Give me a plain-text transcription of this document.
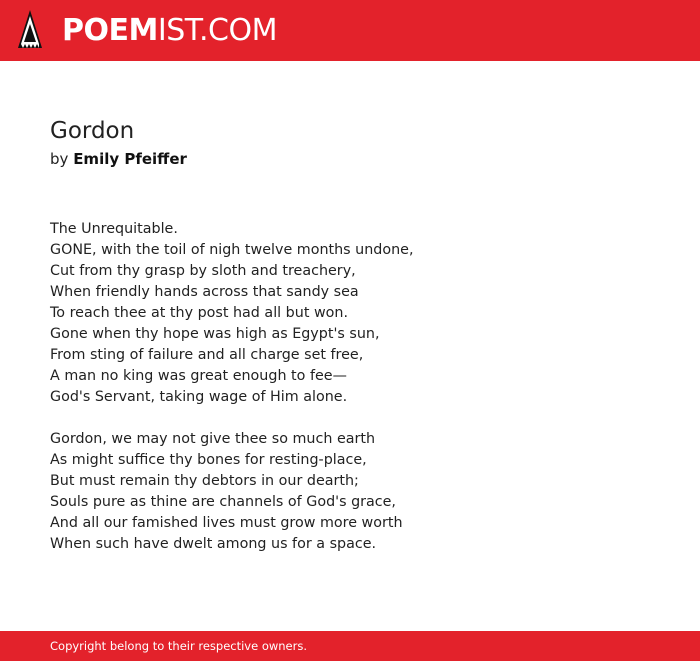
POEMIST.COM
Gordon
by Emily Pfeiffer
The Unrequitable.
GONE, with the toil of nigh twelve months undone,
Cut from thy grasp by sloth and treachery,
When friendly hands across that sandy sea
To reach thee at thy post had all but won.
Gone when thy hope was high as Egypt's sun,
From sting of failure and all charge set free,
A man no king was great enough to fee—
God's Servant, taking wage of Him alone.
Gordon, we may not give thee so much earth
As might suffice thy bones for resting-place,
But must remain thy debtors in our dearth;
Souls pure as thine are channels of God's grace,
And all our famished lives must grow more worth
When such have dwelt among us for a space.
Copyright belong to their respective owners.
